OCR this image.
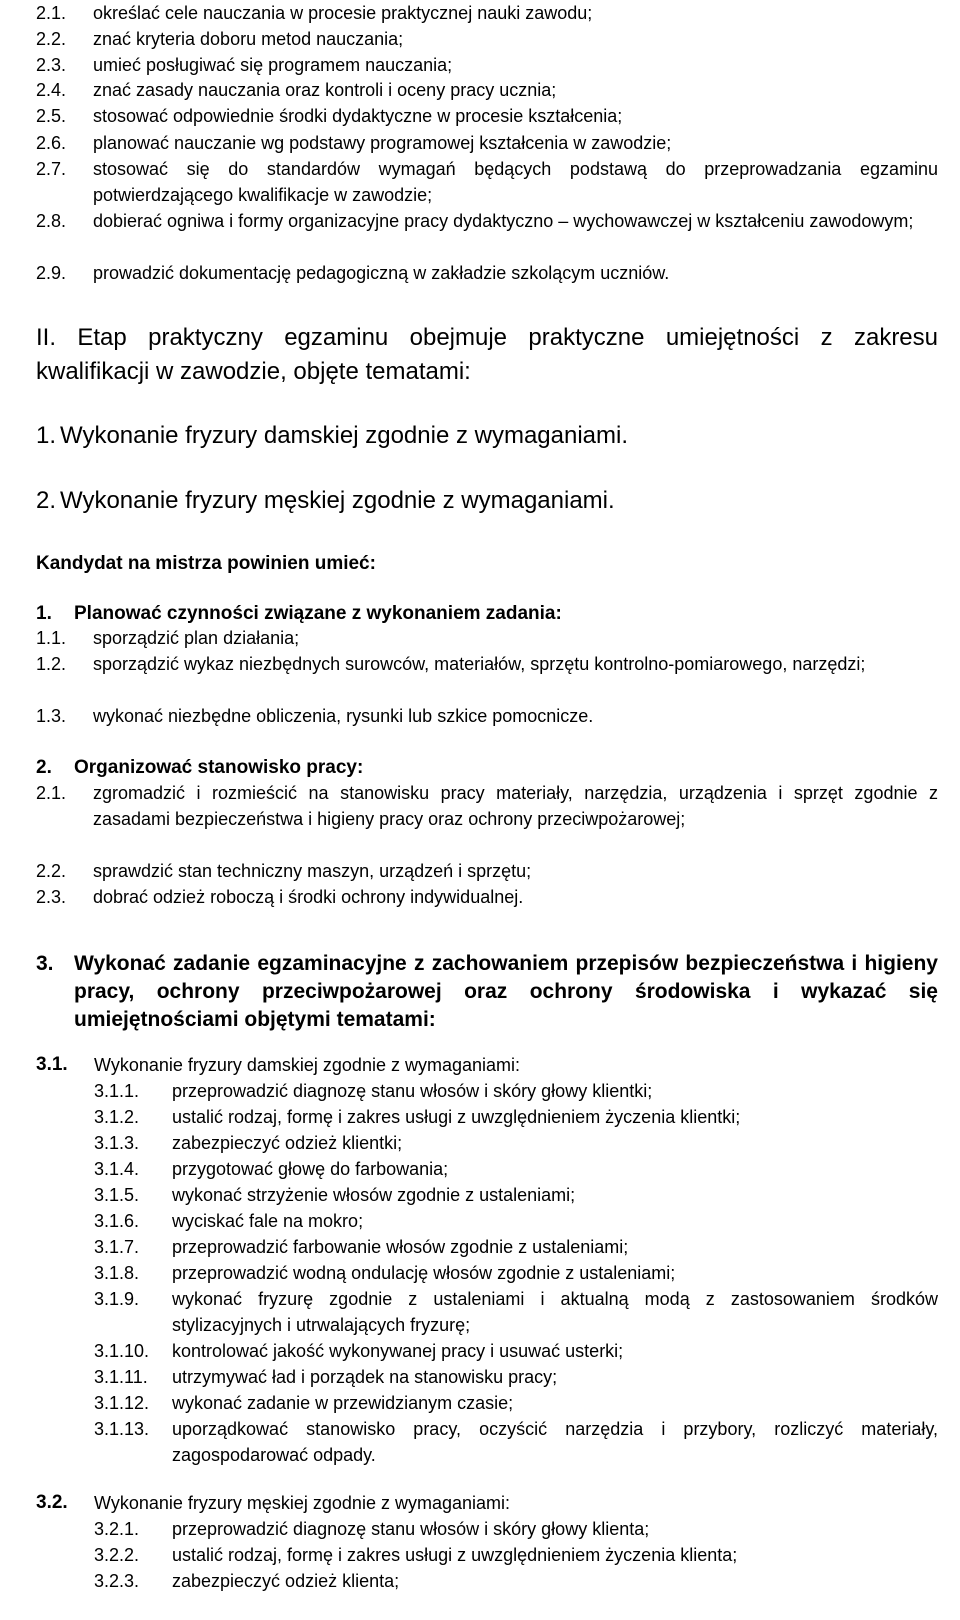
2.1.	określać cele nauczania w procesie praktycznej nauki zawodu;
2.2.	znać kryteria doboru metod nauczania;
2.3.	umieć posługiwać się programem nauczania;
2.4.	znać zasady nauczania oraz kontroli i oceny pracy ucznia;
2.5.	stosować odpowiednie środki dydaktyczne w procesie kształcenia;
2.6.	planować nauczanie wg podstawy programowej kształcenia w zawodzie;
2.7.	stosować się do standardów wymagań będących podstawą do przeprowadzania egzaminu potwierdzającego kwalifikacje w zawodzie;
2.8.	dobierać ogniwa i formy organizacyjne pracy dydaktyczno – wychowawczej w kształceniu zawodowym;
2.9.	prowadzić dokumentację pedagogiczną w zakładzie szkolącym uczniów.
II. Etap praktyczny egzaminu obejmuje praktyczne umiejętności z zakresu kwalifikacji w zawodzie, objęte tematami:
1. Wykonanie fryzury damskiej zgodnie z wymaganiami.
2. Wykonanie fryzury męskiej zgodnie z wymaganiami.
Kandydat na mistrza powinien umieć:
1.	Planować czynności związane z wykonaniem zadania:
1.1.	sporządzić plan działania;
1.2.	sporządzić wykaz niezbędnych surowców, materiałów, sprzętu kontrolno-pomiarowego, narzędzi;
1.3.	wykonać niezbędne obliczenia, rysunki lub szkice pomocnicze.
2.	Organizować stanowisko pracy:
2.1.	zgromadzić i rozmieścić na stanowisku pracy materiały, narzędzia, urządzenia i sprzęt zgodnie z zasadami bezpieczeństwa i higieny pracy oraz ochrony przeciwpożarowej;
2.2.	sprawdzić stan techniczny maszyn, urządzeń i sprzętu;
2.3.	dobrać odzież roboczą i środki ochrony indywidualnej.
3. Wykonać zadanie egzaminacyjne z zachowaniem przepisów bezpieczeństwa i higieny pracy, ochrony przeciwpożarowej oraz ochrony środowiska i wykazać się umiejętnościami objętymi tematami:
3.1.	Wykonanie fryzury damskiej zgodnie z wymaganiami:
3.1.1.	przeprowadzić diagnozę stanu włosów i skóry głowy klientki;
3.1.2.	ustalić rodzaj, formę i zakres usługi z uwzględnieniem życzenia klientki;
3.1.3.	zabezpieczyć odzież klientki;
3.1.4.	przygotować głowę do farbowania;
3.1.5.	wykonać strzyżenie włosów zgodnie z ustaleniami;
3.1.6.	wyciskać fale na mokro;
3.1.7.	przeprowadzić farbowanie włosów zgodnie z ustaleniami;
3.1.8.	przeprowadzić wodną ondulację włosów zgodnie z ustaleniami;
3.1.9.	wykonać fryzurę zgodnie z ustaleniami i aktualną modą z zastosowaniem środków stylizacyjnych i utrwalających fryzurę;
3.1.10.	kontrolować jakość wykonywanej pracy i usuwać usterki;
3.1.11.	utrzymywać ład i porządek na stanowisku pracy;
3.1.12.	wykonać zadanie w przewidzianym czasie;
3.1.13.	uporządkować stanowisko pracy, oczyścić narzędzia i przybory, rozliczyć materiały, zagospodarować odpady.
3.2.	Wykonanie fryzury męskiej zgodnie z wymaganiami:
3.2.1.	przeprowadzić diagnozę stanu włosów i skóry głowy klienta;
3.2.2.	ustalić rodzaj, formę i zakres usługi z uwzględnieniem życzenia klienta;
3.2.3.	zabezpieczyć odzież klienta;
